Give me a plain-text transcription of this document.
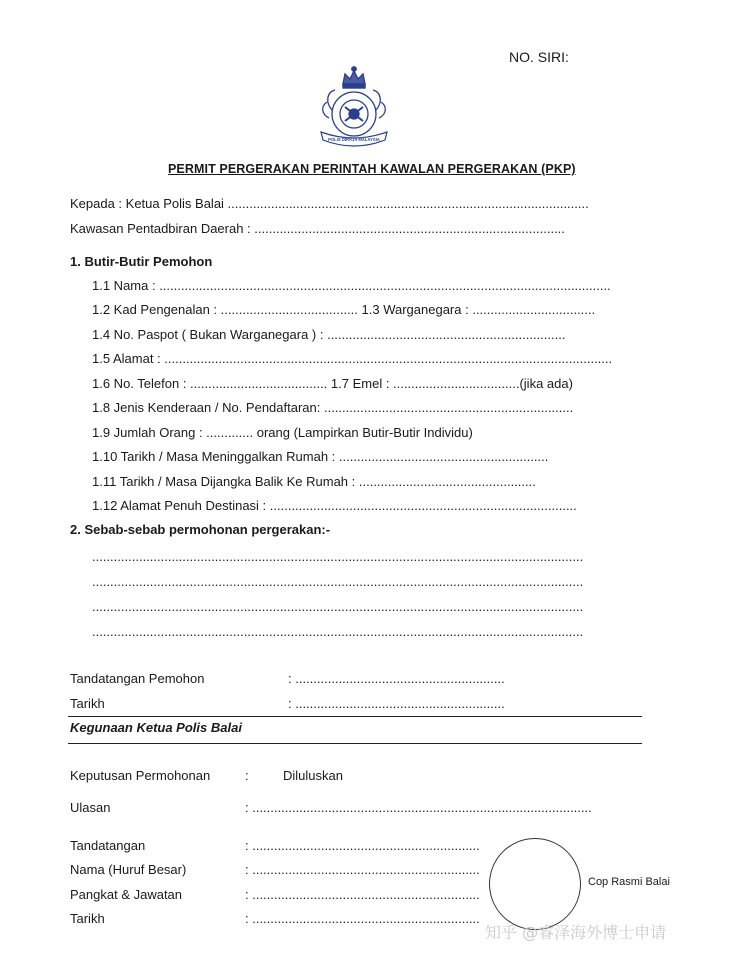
NO. SIRI:
POLIS DIRAJA MALAYSIA
PERMIT PERGERAKAN PERINTAH KAWALAN PERGERAKAN (PKP)
Kepada : Ketua Polis Balai ....................................................................................................
Kawasan Pentadbiran Daerah : ......................................................................................
1. Butir-Butir Pemohon
1.1 Nama : .............................................................................................................................
1.2 Kad Pengenalan : ...................................... 1.3 Warganegara : ..................................
1.4 No. Paspot ( Bukan Warganegara ) : ..................................................................
1.5 Alamat : ............................................................................................................................
1.6 No. Telefon : ...................................... 1.7 Emel : ...................................(jika ada)
1.8 Jenis Kenderaan / No. Pendaftaran: .....................................................................
1.9 Jumlah Orang : ............. orang (Lampirkan Butir-Butir Individu)
1.10 Tarikh / Masa Meninggalkan Rumah : ..........................................................
1.11 Tarikh / Masa Dijangka Balik Ke Rumah : .................................................
1.12 Alamat Penuh Destinasi : .....................................................................................
2. Sebab-sebab permohonan pergerakan:-
........................................................................................................................................
........................................................................................................................................
........................................................................................................................................
........................................................................................................................................
Tandatangan Pemohon	: ..........................................................
Tarikh	: ..........................................................
Kegunaan Ketua Polis Balai
Keputusan Permohonan	:	Diluluskan
Ulasan	: ..............................................................................................
Tandatangan	: ...............................................................
Nama (Huruf Besar)	: ...............................................................
Pangkat & Jawatan	: ...............................................................
Tarikh	: ...............................................................
Cop Rasmi Balai
知乎 @睿泽海外博士申请
